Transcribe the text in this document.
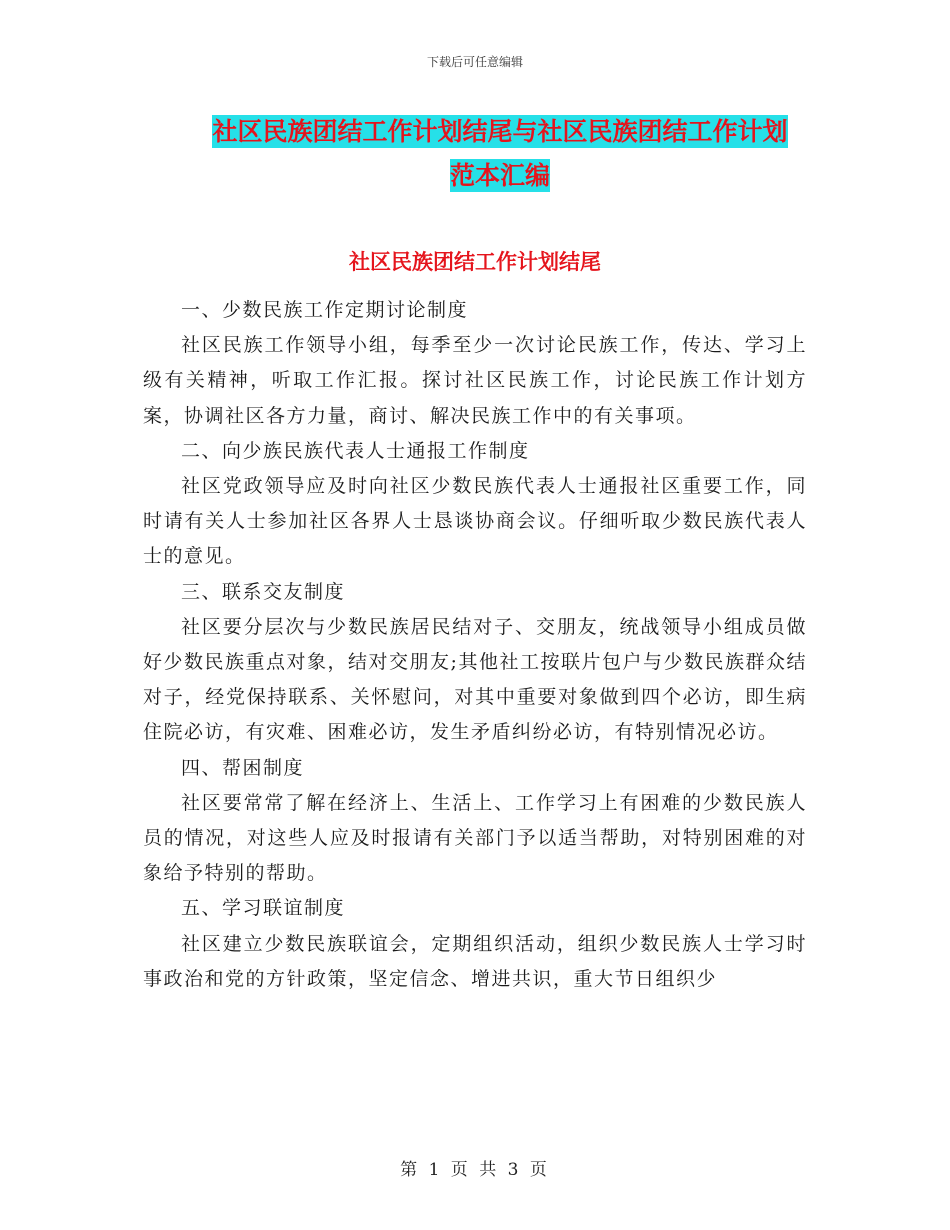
下载后可任意编辑
社区民族团结工作计划结尾与社区民族团结工作计划
范本汇编
社区民族团结工作计划结尾

一、少数民族工作定期讨论制度

社区民族工作领导小组，每季至少一次讨论民族工作，传达、学习上级有关精神，听取工作汇报。探讨社区民族工作，讨论民族工作计划方案，协调社区各方力量，商讨、解决民族工作中的有关事项。

二、向少族民族代表人士通报工作制度

社区党政领导应及时向社区少数民族代表人士通报社区重要工作，同时请有关人士参加社区各界人士恳谈协商会议。仔细听取少数民族代表人士的意见。

三、联系交友制度

社区要分层次与少数民族居民结对子、交朋友，统战领导小组成员做好少数民族重点对象，结对交朋友;其他社工按联片包户与少数民族群众结对子，经党保持联系、关怀慰问，对其中重要对象做到四个必访，即生病住院必访，有灾难、困难必访，发生矛盾纠纷必访，有特别情况必访。

四、帮困制度

社区要常常了解在经济上、生活上、工作学习上有困难的少数民族人员的情况，对这些人应及时报请有关部门予以适当帮助，对特别困难的对象给予特别的帮助。

五、学习联谊制度

社区建立少数民族联谊会，定期组织活动，组织少数民族人士学习时事政治和党的方针政策，坚定信念、增进共识，重大节日组织少

第 1 页 共 3 页
